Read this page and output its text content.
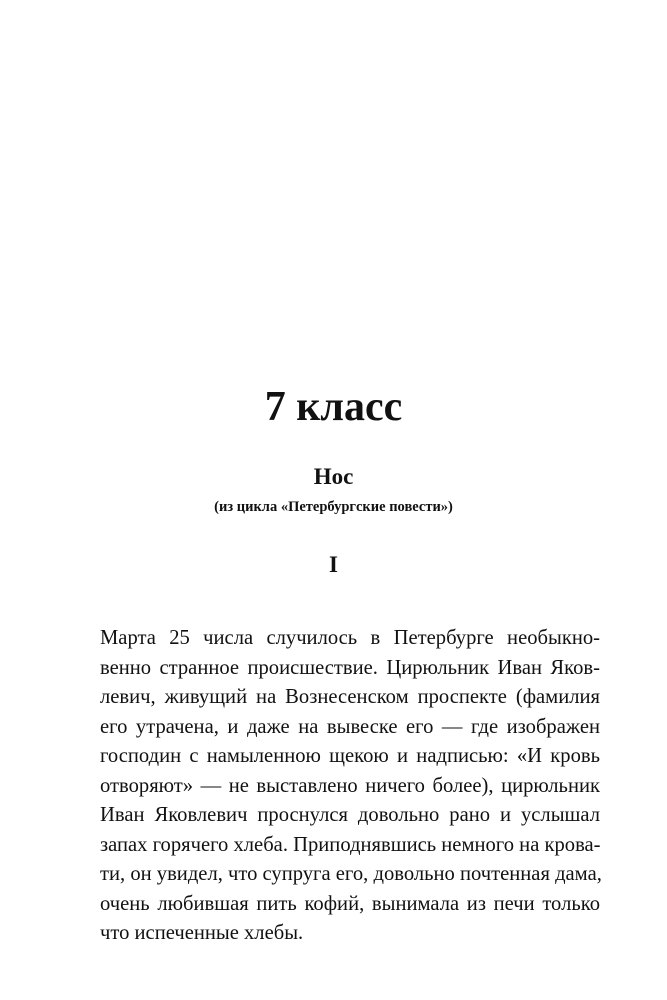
7 класс
Нос
(из цикла «Петербургские повести»)
I

Марта 25 числа случилось в Петербурге необыкно-
венно странное происшествие. Цирюльник Иван Яков-
левич, живущий на Вознесенском проспекте (фамилия
его утрачена, и даже на вывеске его — где изображен
господин с намыленною щекою и надписью: «И кровь
отворяют» — не выставлено ничего более), цирюльник
Иван Яковлевич проснулся довольно рано и услышал
запах горячего хлеба. Приподнявшись немного на крова-
ти, он увидел, что супруга его, довольно почтенная дама,
очень любившая пить кофий, вынимала из печи только
что испеченные хлебы.
